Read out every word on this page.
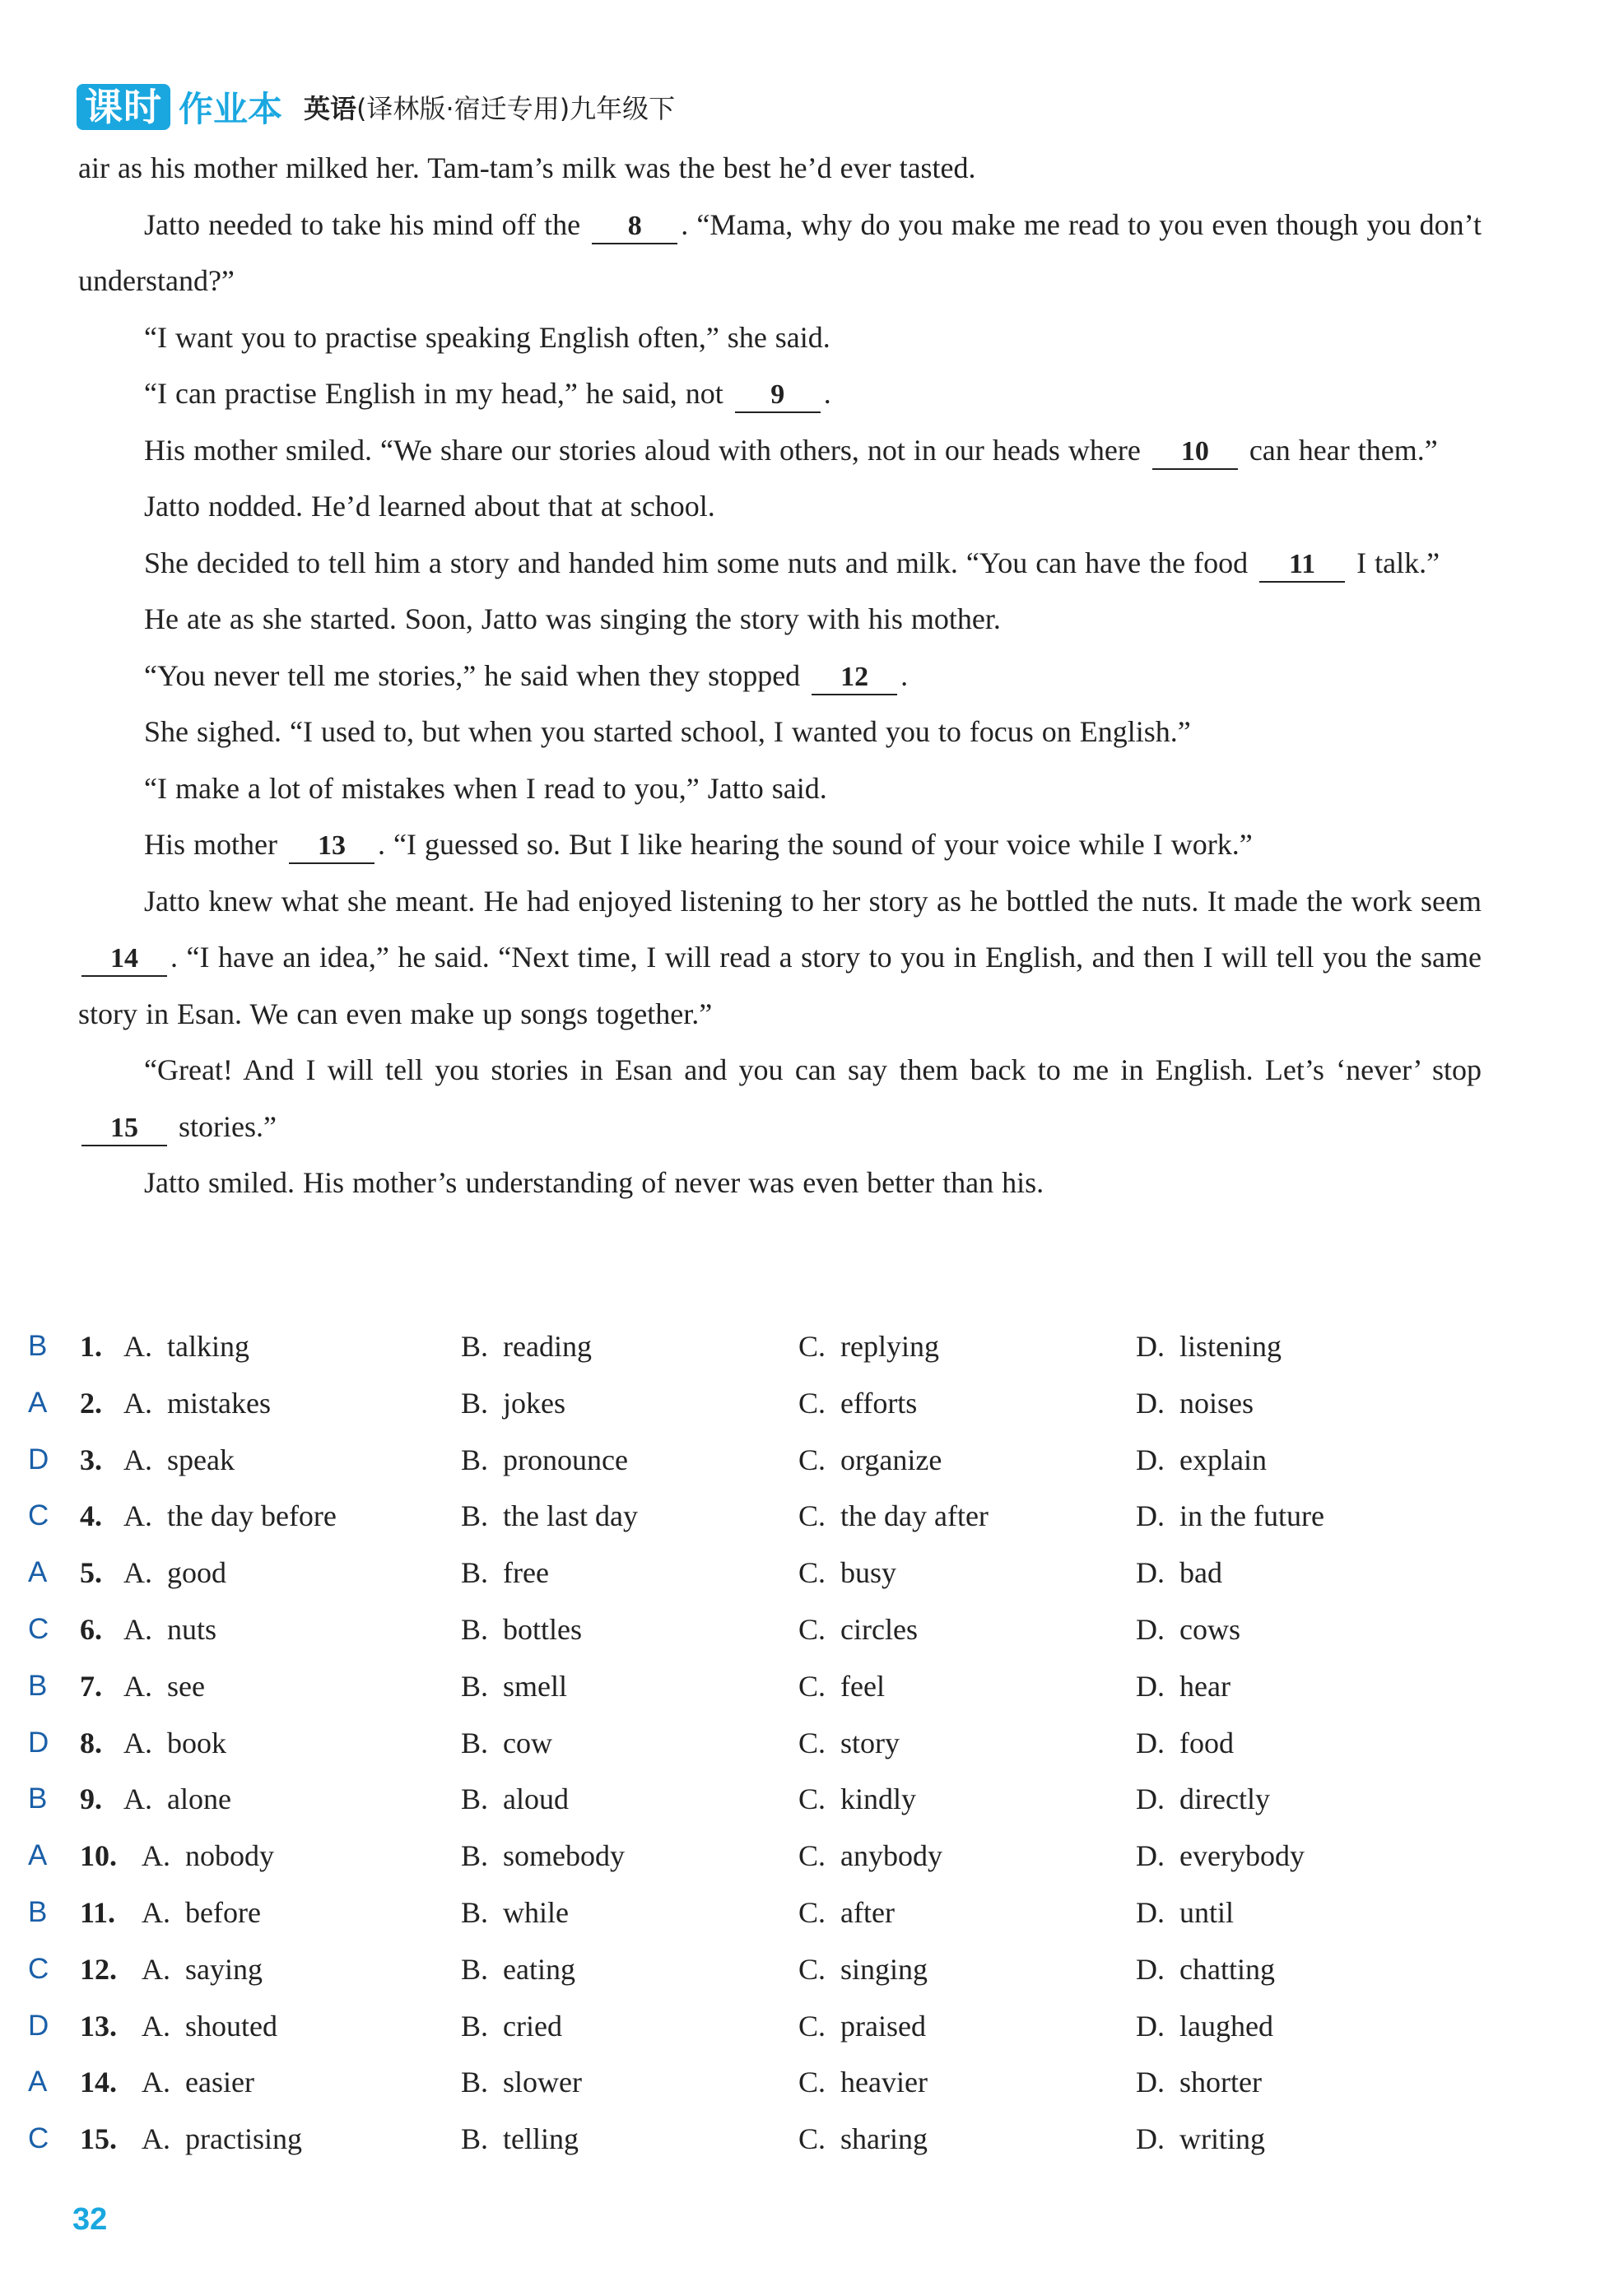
课时 作业本 英语(译林版·宿迁专用)九年级下

air as his mother milked her. Tam-tam’s milk was the best he’d ever tasted.

Jatto needed to take his mind off the 8 . “Mama, why do you make me read to you even though you don’t understand?”

“I want you to practise speaking English often,” she said.

“I can practise English in my head,” he said, not 9 .

His mother smiled. “We share our stories aloud with others, not in our heads where 10 can hear them.”

Jatto nodded. He’d learned about that at school.

She decided to tell him a story and handed him some nuts and milk. “You can have the food 11 I talk.”

He ate as she started. Soon, Jatto was singing the story with his mother.

“You never tell me stories,” he said when they stopped 12 .

She sighed. “I used to, but when you started school, I wanted you to focus on English.”

“I make a lot of mistakes when I read to you,” Jatto said.

His mother 13 . “I guessed so. But I like hearing the sound of your voice while I work.”

Jatto knew what she meant. He had enjoyed listening to her story as he bottled the nuts. It made the work seem 14 . “I have an idea,” he said. “Next time, I will read a story to you in English, and then I will tell you the same story in Esan. We can even make up songs together.”

“Great! And I will tell you stories in Esan and you can say them back to me in English. Let’s ‘never’ stop 15 stories.”

Jatto smiled. His mother’s understanding of never was even better than his.

B 1. A. talking	B. reading	C. replying	D. listening
A 2. A. mistakes	B. jokes	C. efforts	D. noises
D 3. A. speak	B. pronounce	C. organize	D. explain
C 4. A. the day before	B. the last day	C. the day after	D. in the future
A 5. A. good	B. free	C. busy	D. bad
C 6. A. nuts	B. bottles	C. circles	D. cows
B 7. A. see	B. smell	C. feel	D. hear
D 8. A. book	B. cow	C. story	D. food
B 9. A. alone	B. aloud	C. kindly	D. directly
A 10. A. nobody	B. somebody	C. anybody	D. everybody
B 11. A. before	B. while	C. after	D. until
C 12. A. saying	B. eating	C. singing	D. chatting
D 13. A. shouted	B. cried	C. praised	D. laughed
A 14. A. easier	B. slower	C. heavier	D. shorter
C 15. A. practising	B. telling	C. sharing	D. writing
32
